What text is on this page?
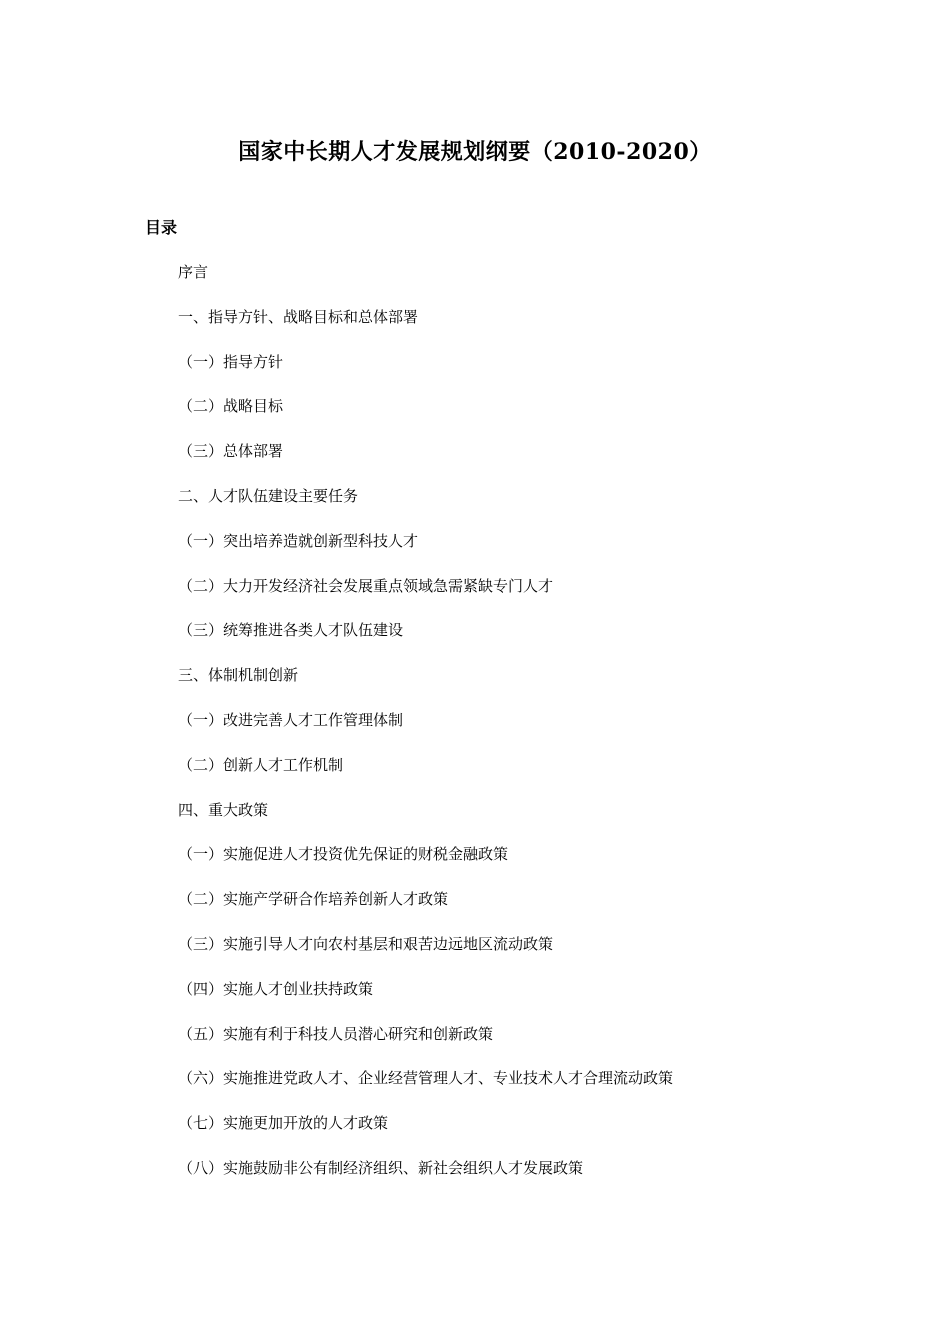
国家中长期人才发展规划纲要（2010-2020）
目录
序言
一、指导方针、战略目标和总体部署
（一）指导方针
（二）战略目标
（三）总体部署
二、人才队伍建设主要任务
（一）突出培养造就创新型科技人才
（二）大力开发经济社会发展重点领域急需紧缺专门人才
（三）统筹推进各类人才队伍建设
三、体制机制创新
（一）改进完善人才工作管理体制
（二）创新人才工作机制
四、重大政策
（一）实施促进人才投资优先保证的财税金融政策
（二）实施产学研合作培养创新人才政策
（三）实施引导人才向农村基层和艰苦边远地区流动政策
（四）实施人才创业扶持政策
（五）实施有利于科技人员潜心研究和创新政策
（六）实施推进党政人才、企业经营管理人才、专业技术人才合理流动政策
（七）实施更加开放的人才政策
（八）实施鼓励非公有制经济组织、新社会组织人才发展政策
